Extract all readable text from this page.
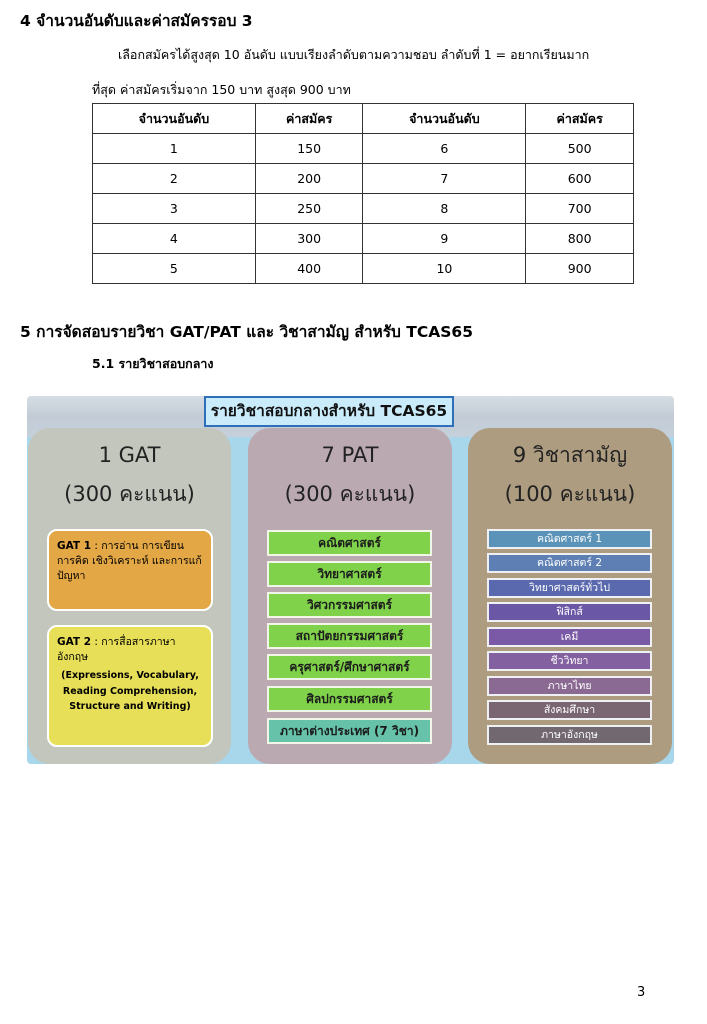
4 จำนวนอันดับและค่าสมัครรอบ 3
เลือกสมัครได้สูงสุด 10 อันดับ แบบเรียงลำดับตามความชอบ ลำดับที่ 1 = อยากเรียนมาก
ที่สุด ค่าสมัครเริ่มจาก 150 บาท สูงสุด 900 บาท
จำนวนอันดับ	ค่าสมัคร	จำนวนอันดับ	ค่าสมัคร
1	150	6	500
2	200	7	600
3	250	8	700
4	300	9	800
5	400	10	900
5 การจัดสอบรายวิชา GAT/PAT และ วิชาสามัญ สำหรับ TCAS65
5.1 รายวิชาสอบกลาง
1 GAT
(300 คะแนน)
7 PAT
(300 คะแนน)
9 วิชาสามัญ
(100 คะแนน)
รายวิชาสอบกลางสำหรับ TCAS65
GAT 1 : การอ่าน การเขียน การคิด เชิงวิเคราะห์ และการแก้ปัญหา
GAT 2 : การสื่อสารภาษาอังกฤษ
(Expressions, Vocabulary,
Reading Comprehension,
Structure and Writing)
คณิตศาสตร์
วิทยาศาสตร์
วิศวกรรมศาสตร์
สถาปัตยกรรมศาสตร์
ครุศาสตร์/ศึกษาศาสตร์
ศิลปกรรมศาสตร์
ภาษาต่างประเทศ (7 วิชา)
คณิตศาสตร์ 1
คณิตศาสตร์ 2
วิทยาศาสตร์ทั่วไป
ฟิสิกส์
เคมี
ชีววิทยา
ภาษาไทย
สังคมศึกษา
ภาษาอังกฤษ
3
